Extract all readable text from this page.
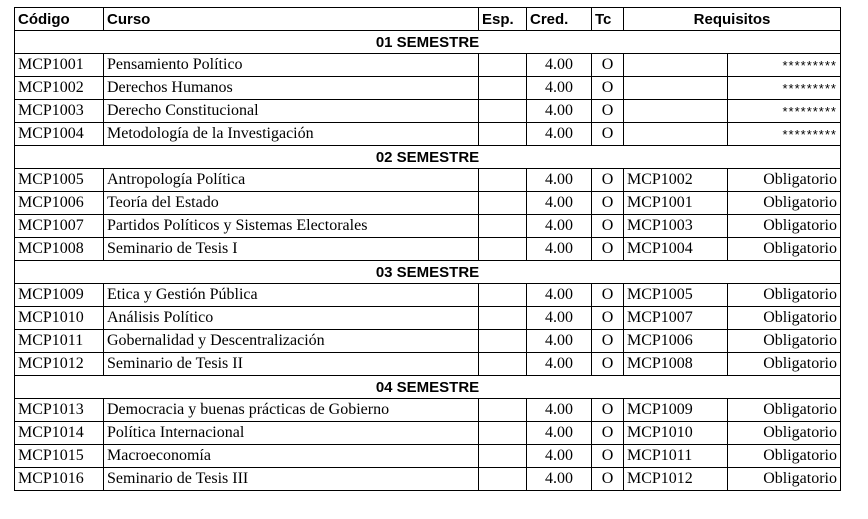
Código	Curso	Esp.	Cred.	Tc	Requisitos	
01 SEMESTRE						
MCP1001	Pensamiento Político		4.00	O		*********
MCP1002	Derechos Humanos		4.00	O		*********
MCP1003	Derecho Constitucional		4.00	O		*********
MCP1004	Metodología de la Investigación		4.00	O		*********
02 SEMESTRE						
MCP1005	Antropología Política		4.00	O	MCP1002	Obligatorio
MCP1006	Teoría del Estado		4.00	O	MCP1001	Obligatorio
MCP1007	Partidos Políticos y Sistemas Electorales		4.00	O	MCP1003	Obligatorio
MCP1008	Seminario de Tesis I		4.00	O	MCP1004	Obligatorio
03 SEMESTRE						
MCP1009	Etica y Gestión Pública		4.00	O	MCP1005	Obligatorio
MCP1010	Análisis Político		4.00	O	MCP1007	Obligatorio
MCP1011	Gobernalidad y Descentralización		4.00	O	MCP1006	Obligatorio
MCP1012	Seminario de Tesis II		4.00	O	MCP1008	Obligatorio
04 SEMESTRE						
MCP1013	Democracia y buenas prácticas de Gobierno		4.00	O	MCP1009	Obligatorio
MCP1014	Política Internacional		4.00	O	MCP1010	Obligatorio
MCP1015	Macroeconomía		4.00	O	MCP1011	Obligatorio
MCP1016	Seminario de Tesis III		4.00	O	MCP1012	Obligatorio
